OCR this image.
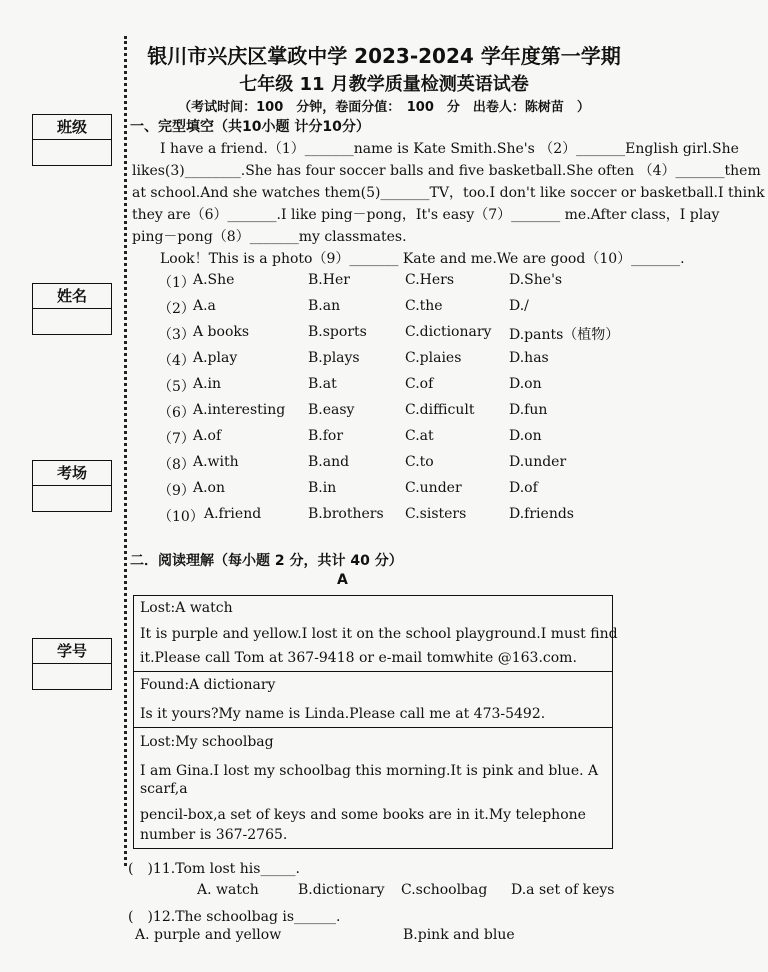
班级
姓名
考场
学号
银川市兴庆区掌政中学 2023-2024 学年度第一学期
七年级 11 月教学质量检测英语试卷
（考试时间：100　分钟，卷面分值：　100　分　出卷人：陈树苗　）
一、完型填空（共10小题 计分10分）
I have a friend.（1）_______name is Kate Smith.She's （2）_______English girl.She
likes(3)________.She has four soccer balls and five basketball.She often （4）_______them
at school.And she watches them(5)_______TV，too.I don't like soccer or basketball.I think
they are（6）_______.I like ping－pong，It's easy（7）_______ me.After class，I play
ping－pong（8）_______my classmates.
Look！This is a photo（9）_______ Kate and me.We are good（10）_______.
（1）
A.She	B.Her	C.Hers	D.She's
（2）
A.a	B.an	C.the	D./
（3）
A books	B.sports	C.dictionary D.pants（植物）
（4）
A.play	B.plays	C.plaies	D.has
（5）
A.in	B.at	C.of	D.on
（6）
A.interesting B.easy	C.difficult D.fun
（7）
A.of	B.for	C.at	D.on
（8）
A.with	B.and	C.to	D.under
（9）
A.on	B.in	C.under	D.of
（10） A.friend	B.brothers C.sisters	D.friends
二．阅读理解（每小题 2 分，共计 40 分）
A
Lost:A watch
It is purple and yellow.I lost it on the school playground.I must find
it.Please call Tom at 367-9418 or e-mail tomwhite @163.com.
Found:A dictionary
Is it yours?My name is Linda.Please call me at 473-5492.
Lost:My schoolbag
I am Gina.I lost my schoolbag this morning.It is pink and blue. A
scarf,a
pencil-box,a set of keys and some books are in it.My telephone
number is 367-2765.
(　)11.Tom lost his_____.
A. watch	B.dictionary C.schoolbag D.a set of keys
(　)12.The schoolbag is______.
A. purple and yellow	B.pink and blue
